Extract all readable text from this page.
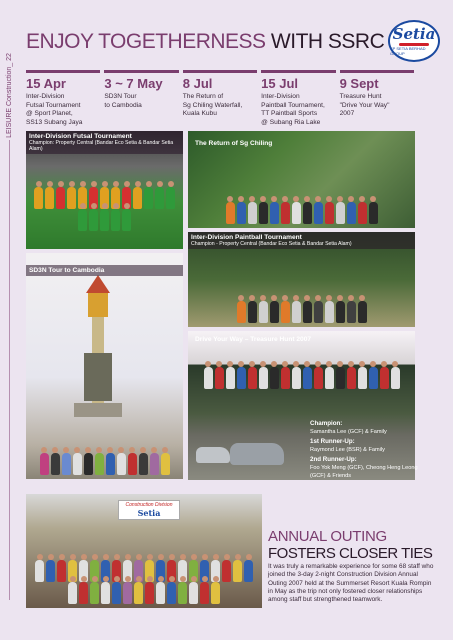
LEISURE Construction_ 22
ENJOY TOGETHERNESS WITH SSRC Setia
SP SETIA BERHAD GROUP
15 Apr
Inter-Division
Futsal Tournament
@ Sport Planet,
SS13 Subang Jaya
3 ~ 7 May
SD3N Tour
to Cambodia
8 Jul
The Return of
Sg Chiling Waterfall,
Kuala Kubu
15 Jul
Inter-Division
Paintball Tournament,
TT Paintball Sports
@ Subang Ria Lake
9 Sept
Treasure Hunt
"Drive Your Way"
2007
Inter-Division Futsal Tournament
Champion: Property Central (Bandar Eco Setia & Bandar Setia Alam)
The Return of Sg Chiling
SD3N Tour to Cambodia
Inter-Division Paintball Tournament
Champion - Property Central (Bandar Eco Setia & Bandar Setia Alam)
Drive Your Way – Treasure Hunt 2007
Champion:
Samantha Lee (GCF) & Family
1st Runner-Up:
Raymond Lee (BSR) & Family
2nd Runner-Up:
Foo Yok Meng (GCF), Cheong Heng Leong (GCF) & Friends
Construction Division
Setia
ANNUAL OUTING
FOSTERS CLOSER TIES
It was truly a remarkable experience for some 68 staff who joined the 3-day 2-night Construction Division Annual Outing 2007 held at the Summerset Resort Kuala Rompin in May as the trip not only fostered closer relationships among staff but strengthened teamwork.
